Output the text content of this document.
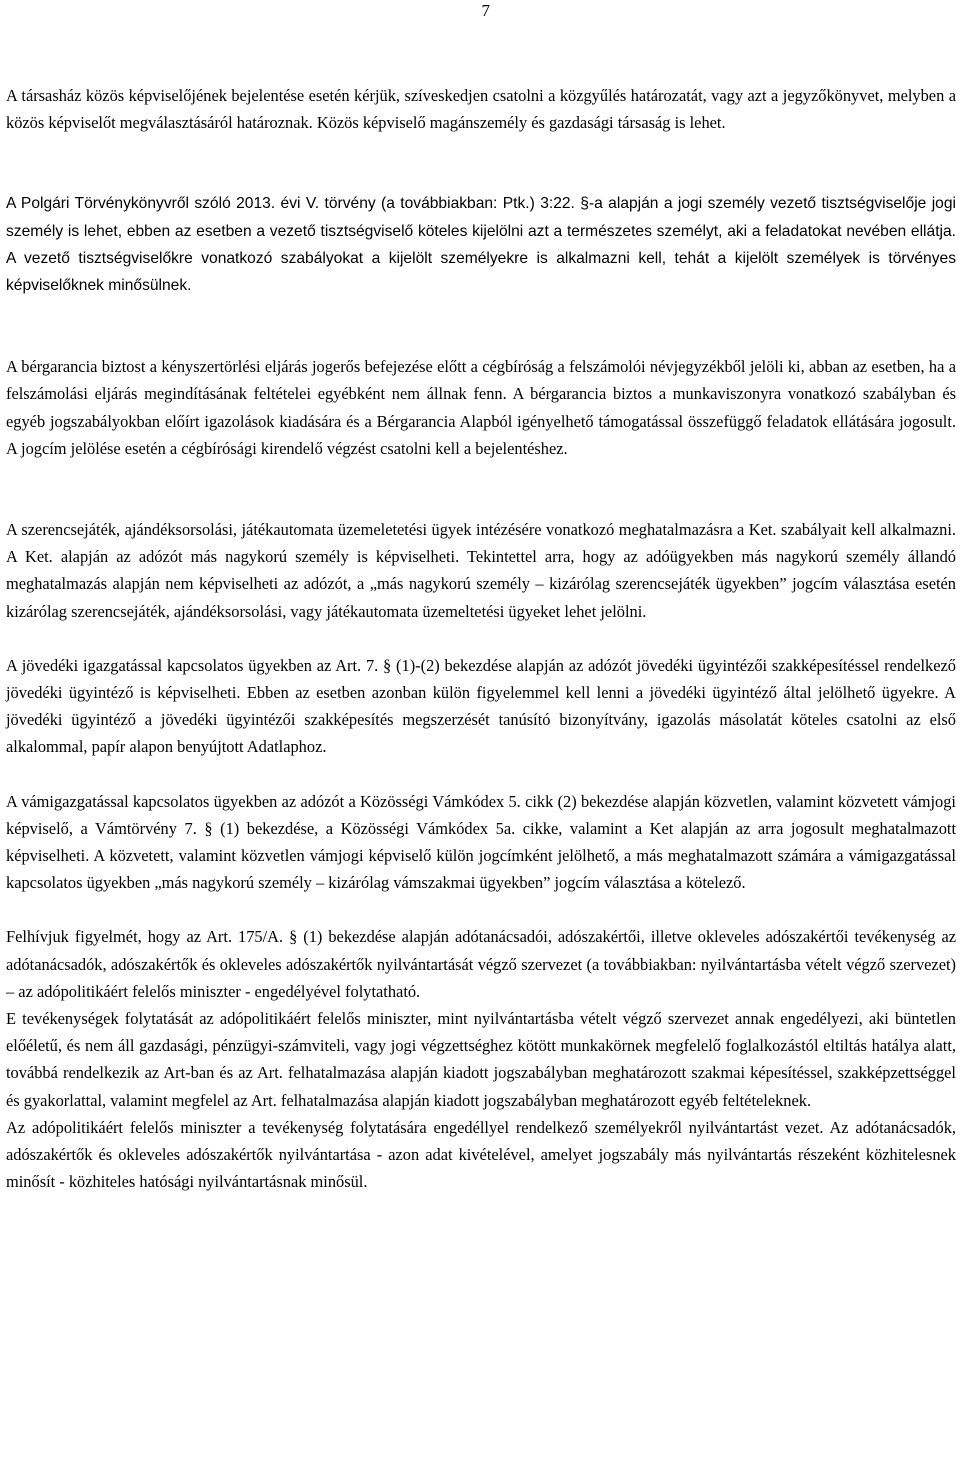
7

A társasház közös képviselőjének bejelentése esetén kérjük, szíveskedjen csatolni a közgyűlés határozatát, vagy azt a jegyzőkönyvet, melyben a közös képviselőt megválasztásáról határoznak. Közös képviselő magánszemély és gazdasági társaság is lehet.

A Polgári Törvénykönyvről szóló 2013. évi V. törvény (a továbbiakban: Ptk.) 3:22. §-a alapján a jogi személy vezető tisztségviselője jogi személy is lehet, ebben az esetben a vezető tisztségviselő köteles kijelölni azt a természetes személyt, aki a feladatokat nevében ellátja. A vezető tisztségviselőkre vonatkozó szabályokat a kijelölt személyekre is alkalmazni kell, tehát a kijelölt személyek is törvényes képviselőknek minősülnek.

A bérgarancia biztost a kényszertörlési eljárás jogerős befejezése előtt a cégbíróság a felszámolói névjegyzékből jelöli ki, abban az esetben, ha a felszámolási eljárás megindításának feltételei egyébként nem állnak fenn. A bérgarancia biztos a munkaviszonyra vonatkozó szabályban és egyéb jogszabályokban előírt igazolások kiadására és a Bérgarancia Alapból igényelhető támogatással összefüggő feladatok ellátására jogosult. A jogcím jelölése esetén a cégbírósági kirendelő végzést csatolni kell a bejelentéshez.

A szerencsejáték, ajándéksorsolási, játékautomata üzemeletetési ügyek intézésére vonatkozó meghatalmazásra a Ket. szabályait kell alkalmazni. A Ket. alapján az adózót más nagykorú személy is képviselheti. Tekintettel arra, hogy az adóügyekben más nagykorú személy állandó meghatalmazás alapján nem képviselheti az adózót, a „más nagykorú személy – kizárólag szerencsejáték ügyekben” jogcím választása esetén kizárólag szerencsejáték, ajándéksorsolási, vagy játékautomata üzemeltetési ügyeket lehet jelölni.

A jövedéki igazgatással kapcsolatos ügyekben az Art. 7. § (1)-(2) bekezdése alapján az adózót jövedéki ügyintézői szakképesítéssel rendelkező jövedéki ügyintéző is képviselheti. Ebben az esetben azonban külön figyelemmel kell lenni a jövedéki ügyintéző által jelölhető ügyekre. A jövedéki ügyintéző a jövedéki ügyintézői szakképesítés megszerzését tanúsító bizonyítvány, igazolás másolatát köteles csatolni az első alkalommal, papír alapon benyújtott Adatlaphoz.

A vámigazgatással kapcsolatos ügyekben az adózót a Közösségi Vámkódex 5. cikk (2) bekezdése alapján közvetlen, valamint közvetett vámjogi képviselő, a Vámtörvény 7. § (1) bekezdése, a Közösségi Vámkódex 5a. cikke, valamint a Ket alapján az arra jogosult meghatalmazott képviselheti. A közvetett, valamint közvetlen vámjogi képviselő külön jogcímként jelölhető, a más meghatalmazott számára a vámigazgatással kapcsolatos ügyekben „más nagykorú személy – kizárólag vámszakmai ügyekben” jogcím választása a kötelező.

Felhívjuk figyelmét, hogy az Art. 175/A. § (1) bekezdése alapján adótanácsadói, adószakértői, illetve okleveles adószakértői tevékenység az adótanácsadók, adószakértők és okleveles adószakértők nyilvántartását végző szervezet (a továbbiakban: nyilvántartásba vételt végző szervezet) – az adópolitikáért felelős miniszter - engedélyével folytatható.

E tevékenységek folytatását az adópolitikáért felelős miniszter, mint nyilvántartásba vételt végző szervezet annak engedélyezi, aki büntetlen előéletű, és nem áll gazdasági, pénzügyi-számviteli, vagy jogi végzettséghez kötött munkakörnek megfelelő foglalkozástól eltiltás hatálya alatt, továbbá rendelkezik az Art-ban és az Art. felhatalmazása alapján kiadott jogszabályban meghatározott szakmai képesítéssel, szakképzettséggel és gyakorlattal, valamint megfelel az Art. felhatalmazása alapján kiadott jogszabályban meghatározott egyéb feltételeknek.

Az adópolitikáért felelős miniszter a tevékenység folytatására engedéllyel rendelkező személyekről nyilvántartást vezet. Az adótanácsadók, adószakértők és okleveles adószakértők nyilvántartása - azon adat kivételével, amelyet jogszabály más nyilvántartás részeként közhitelesnek minősít - közhiteles hatósági nyilvántartásnak minősül.
